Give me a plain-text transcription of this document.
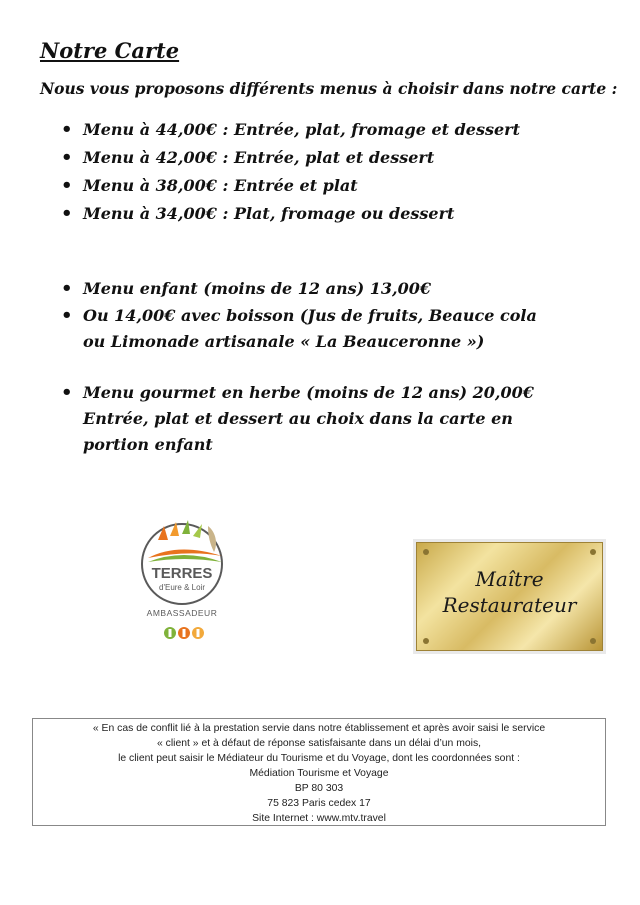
Notre Carte
Nous vous proposons différents menus à choisir dans notre carte :
• Menu à 44,00€ : Entrée, plat, fromage et dessert
• Menu à 42,00€ : Entrée, plat et dessert
• Menu à 38,00€ : Entrée et plat
• Menu à 34,00€ : Plat, fromage ou dessert
• Menu enfant (moins de 12 ans) 13,00€
• Ou 14,00€ avec boisson (Jus de fruits, Beauce cola ou Limonade artisanale « La Beauceronne »)
• Menu gourmet en herbe (moins de 12 ans) 20,00€
Entrée, plat et dessert au choix dans la carte en portion enfant
TERRES
d'Eure & Loir
AMBASSADEUR
Maître
Restaurateur
« En cas de conflit lié à la prestation servie dans notre établissement et après avoir saisi le service
« client » et à défaut de réponse satisfaisante dans un délai d’un mois,
le client peut saisir le Médiateur du Tourisme et du Voyage, dont les coordonnées sont :
Médiation Tourisme et Voyage
BP 80 303
75 823 Paris cedex 17
Site Internet : www.mtv.travel
